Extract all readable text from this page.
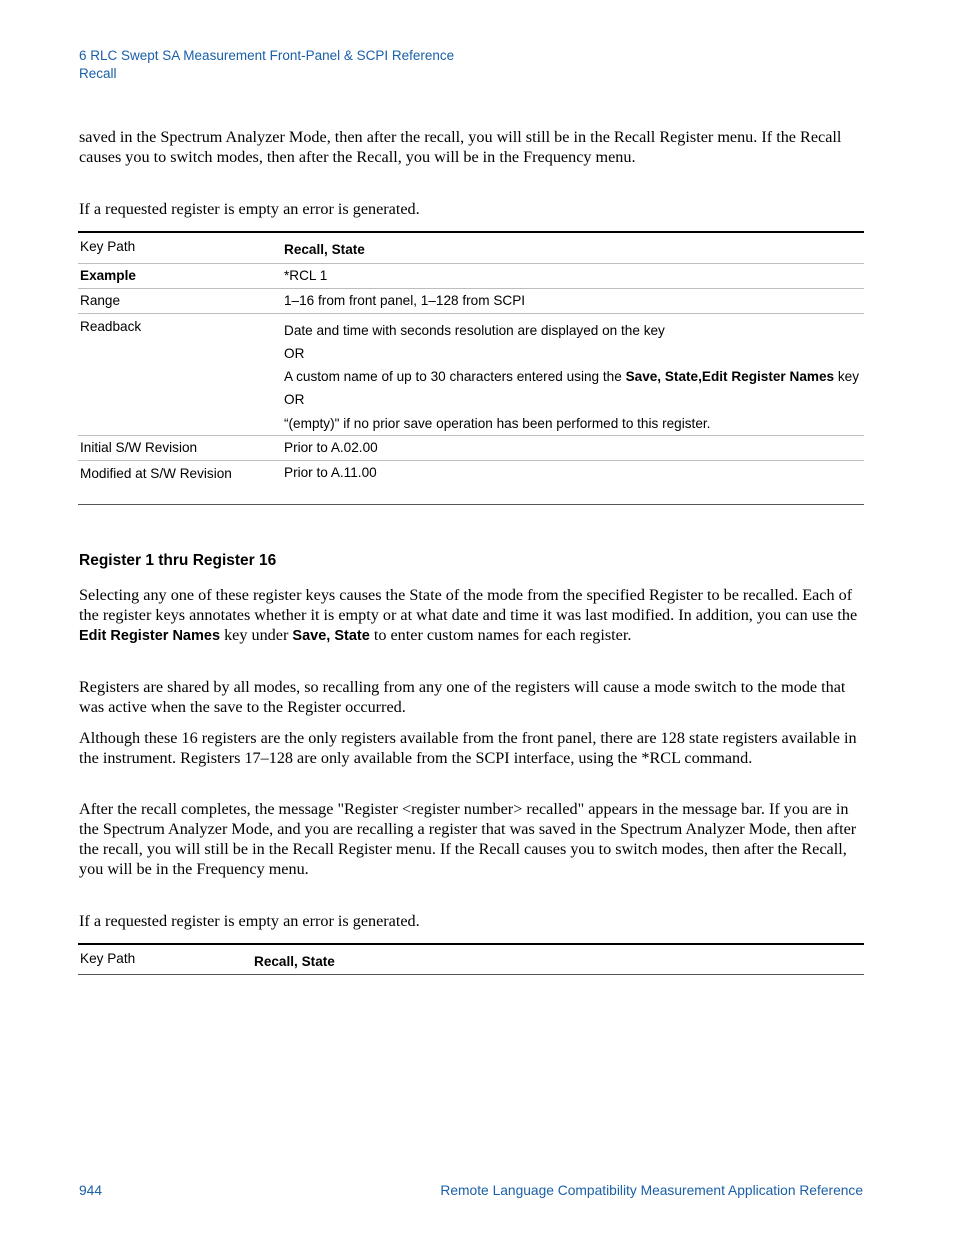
6 RLC Swept SA Measurement Front-Panel & SCPI Reference
Recall
saved in the Spectrum Analyzer Mode, then after the recall, you will still be in the Recall Register menu. If the Recall causes you to switch modes, then after the Recall, you will be in the Frequency menu.
If a requested register is empty an error is generated.
Key Path	Recall, State
Example	*RCL 1
Range	1–16 from front panel, 1–128 from SCPI
Readback	Date and time with seconds resolution are displayed on the key
OR
A custom name of up to 30 characters entered using the Save, State,Edit Register Names key
OR
“(empty)" if no prior save operation has been performed to this register.

Initial S/W Revision	Prior to A.02.00
Modified at S/W Revision	Prior to A.11.00
Register 1 thru Register 16
Selecting any one of these register keys causes the State of the mode from the specified Register to be recalled. Each of the register keys annotates whether it is empty or at what date and time it was last modified. In addition, you can use the Edit Register Names key under Save, State to enter custom names for each register.
Registers are shared by all modes, so recalling from any one of the registers will cause a mode switch to the mode that was active when the save to the Register occurred.
Although these 16 registers are the only registers available from the front panel, there are 128 state registers available in the instrument. Registers 17–128 are only available from the SCPI interface, using the *RCL command.
After the recall completes, the message "Register <register number> recalled" appears in the message bar. If you are in the Spectrum Analyzer Mode, and you are recalling a register that was saved in the Spectrum Analyzer Mode, then after the recall, you will still be in the Recall Register menu. If the Recall causes you to switch modes, then after the Recall, you will be in the Frequency menu.
If a requested register is empty an error is generated.
Key Path	Recall, State
944	Remote Language Compatibility Measurement Application Reference
